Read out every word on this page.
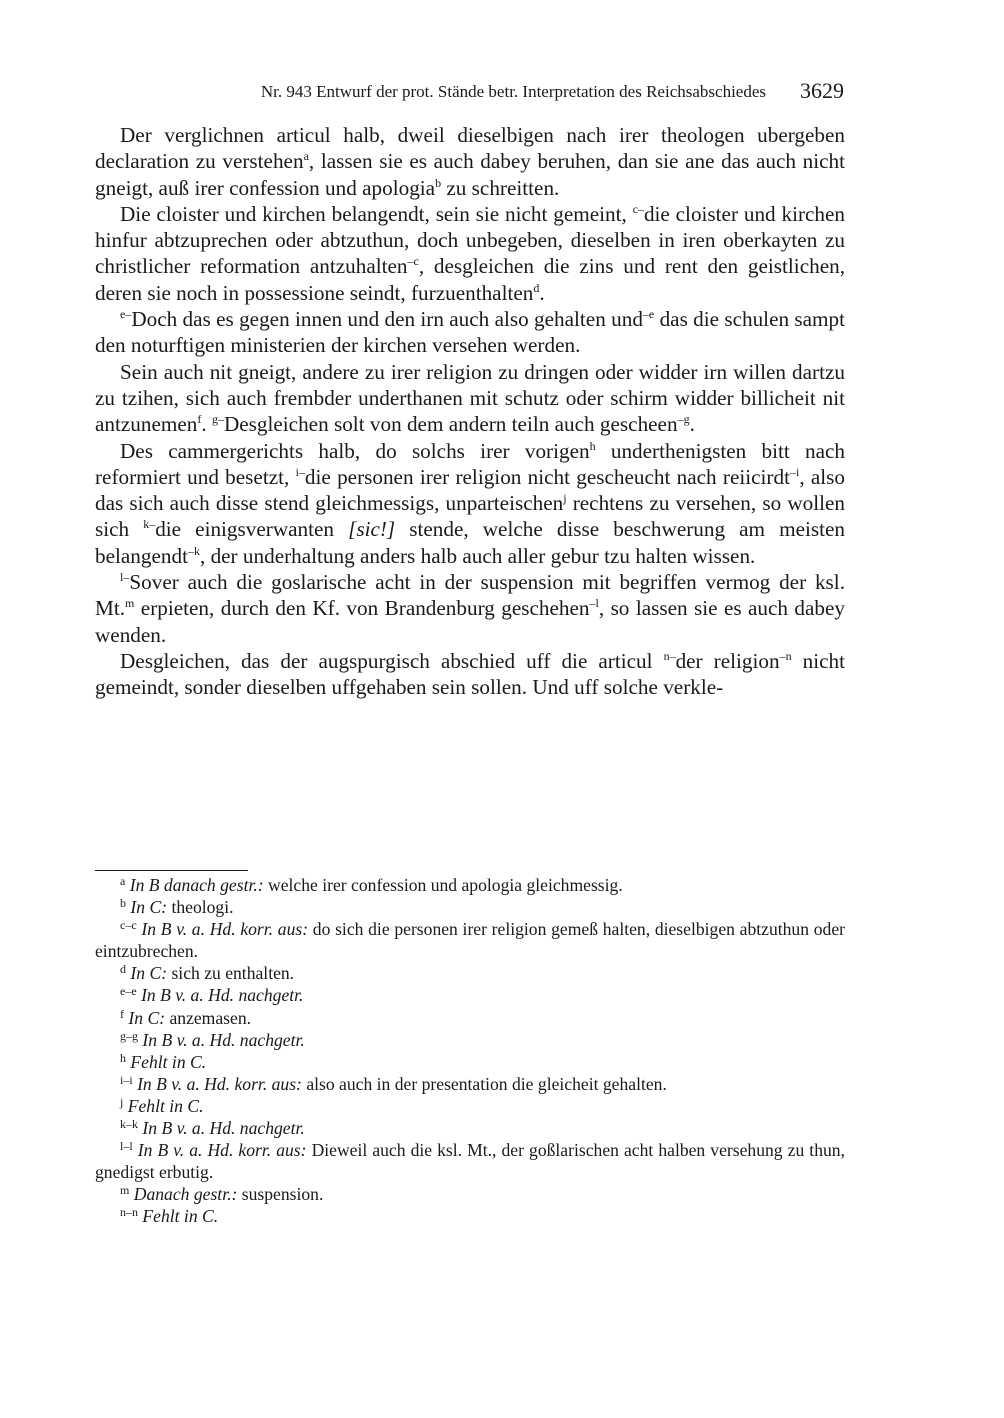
Nr. 943 Entwurf der prot. Stände betr. Interpretation des Reichsabschiedes 3629

Der verglichnen articul halb, dweil dieselbigen nach irer theologen ubergeben declaration zu verstehen$^a$, lassen sie es auch dabey beruhen, dan sie ane das auch nicht gneigt, auß irer confession und apologia$^b$ zu schreitten.

Die cloister und kirchen belangendt, sein sie nicht gemeint, $^{c-}$die cloister und kirchen hinfur abtzuprechen oder abtzuthun, doch unbegeben, dieselben in iren oberkayten zu christlicher reformation antzuhalten$^{-c}$, desgleichen die zins und rent den geistlichen, deren sie noch in possessione seindt, furzuenthalten$^d$.

$^{e-}$Doch das es gegen innen und den irn auch also gehalten und$^{-e}$ das die schulen sampt den noturftigen ministerien der kirchen versehen werden.

Sein auch nit gneigt, andere zu irer religion zu dringen oder widder irn willen dartzu zu tzihen, sich auch frembder underthanen mit schutz oder schirm widder billicheit nit antzunemen$^f$. $^{g-}$Desgleichen solt von dem andern teiln auch gescheen$^{-g}$.

Des cammergerichts halb, do solchs irer vorigen$^h$ underthenigsten bitt nach reformiert und besetzt, $^{i-}$die personen irer religion nicht gescheucht nach reiicirdt$^{-i}$, also das sich auch disse stend gleichmessigs, unparteischen$^j$ rechtens zu versehen, so wollen sich $^{k-}$die einigsverwanten [sic!] stende, welche disse beschwerung am meisten belangendt$^{-k}$, der underhaltung anders halb auch aller gebur tzu halten wissen.

$^{l-}$Sover auch die goslarische acht in der suspension mit begriffen vermog der ksl. Mt.$^m$ erpieten, durch den Kf. von Brandenburg geschehen$^{-l}$, so lassen sie es auch dabey wenden.

Desgleichen, das der augspurgisch abschied uff die articul $^{n-}$der religion$^{-n}$ nicht gemeindt, sonder dieselben uffgehaben sein sollen. Und uff solche verkle-

$^a$ In B danach gestr.: welche irer confession und apologia gleichmessig.

$^b$ In C: theologi.

$^{c-c}$ In B v. a. Hd. korr. aus: do sich die personen irer religion gemeß halten, dieselbigen abtzuthun oder eintzubrechen.

$^d$ In C: sich zu enthalten.

$^{e-e}$ In B v. a. Hd. nachgetr.

$^f$ In C: anzemasen.

$^{g-g}$ In B v. a. Hd. nachgetr.

$^h$ Fehlt in C.

$^{i-i}$ In B v. a. Hd. korr. aus: also auch in der presentation die gleicheit gehalten.

$^j$ Fehlt in C.

$^{k-k}$ In B v. a. Hd. nachgetr.

$^{l-l}$ In B v. a. Hd. korr. aus: Dieweil auch die ksl. Mt., der goßlarischen acht halben versehung zu thun, gnedigst erbutig.

$^m$ Danach gestr.: suspension.

$^{n-n}$ Fehlt in C.
